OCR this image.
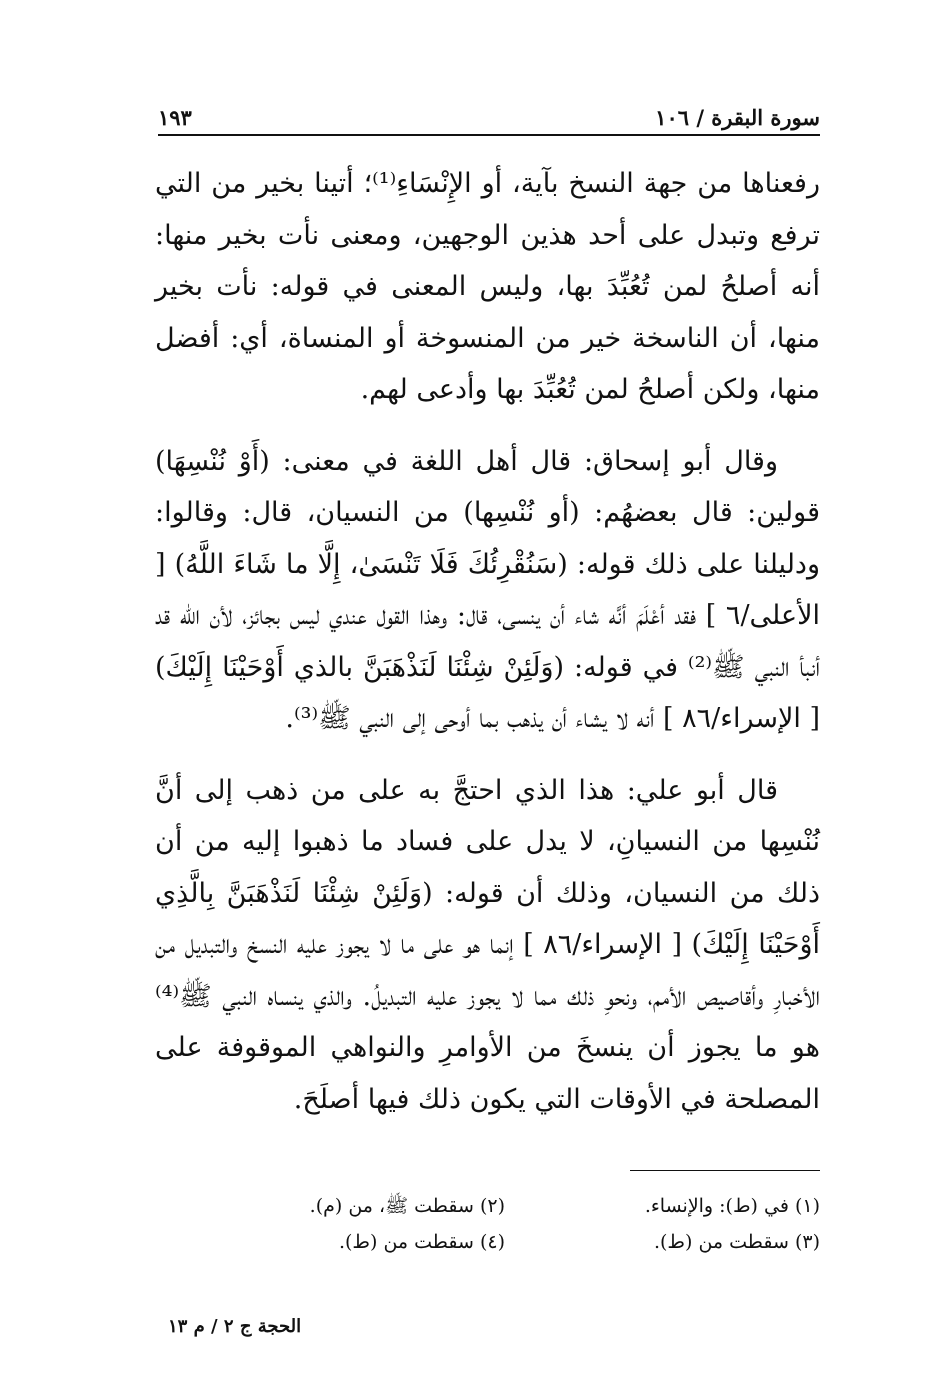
سورة البقرة / ١٠٦
١٩٣

رفعناها من جهة النسخ بآية، أو الإِنْسَاءِ⁽¹⁾؛ أتينا بخير من التي ترفع وتبدل على أحد هذين الوجهين، ومعنى نأت بخير منها: أنه أصلحُ لمن تُعُبِّدَ بها، وليس المعنى في قوله: نأت بخير منها، أن الناسخة خير من المنسوخة أو المنساة، أي: أفضل منها، ولكن أصلحُ لمن تُعُبِّدَ بها وأدعى لهم.

وقال أبو إسحاق: قال أهل اللغة في معنى: (أَوْ نُنْسِهَا) قولين: قال بعضهُم: (أو نُنْسِها) من النسيان، قال: وقالوا: ودليلنا على ذلك قوله: (سَنُقْرِئُكَ فَلَا تَنْسَىٰ، إِلَّا ما شَاءَ اللَّهُ) [ الأعلى/٦ ] فقد أعْلَمَ أنَّه شاء أن ينسى، قال: وهذا القول عندي ليس بجائز، لأن الله قد أنبأ النبي ﷺ⁽²⁾ في قوله: (وَلَئِنْ شِئْنَا لَنَذْهَبَنَّ بالذي أَوْحَيْنَا إِلَيْكَ) [ الإسراء/٨٦ ] أنه لا يشاء أن يذهب بما أوحى إلى النبي ﷺ⁽³⁾.

قال أبو علي: هذا الذي احتجَّ به على من ذهب إلى أنَّ نُنْسِها من النسيانِ، لا يدل على فساد ما ذهبوا إليه من أن ذلك من النسيان، وذلك أن قوله: (وَلَئِنْ شِئْنَا لَنَذْهَبَنَّ بِالَّذِي أَوْحَيْنَا إِلَيْكَ) [ الإسراء/٨٦ ] إنما هو على ما لا يجوز عليه النسخ والتبديل من الأخبارِ وأقاصيص الأمم، ونحوِ ذلك مما لا يجوز عليه التبديلُ. والذي ينساه النبي ﷺ⁽⁴⁾ هو ما يجوز أن ينسخَ من الأوامرِ والنواهي الموقوفة على المصلحة في الأوقات التي يكون ذلك فيها أصلَحَ.

(١) في (ط): والإنساء.
(٢) سقطت ﷺ، من (م).
(٣) سقطت من (ط).
(٤) سقطت من (ط).
الحجة ج ٢ / م ١٣
